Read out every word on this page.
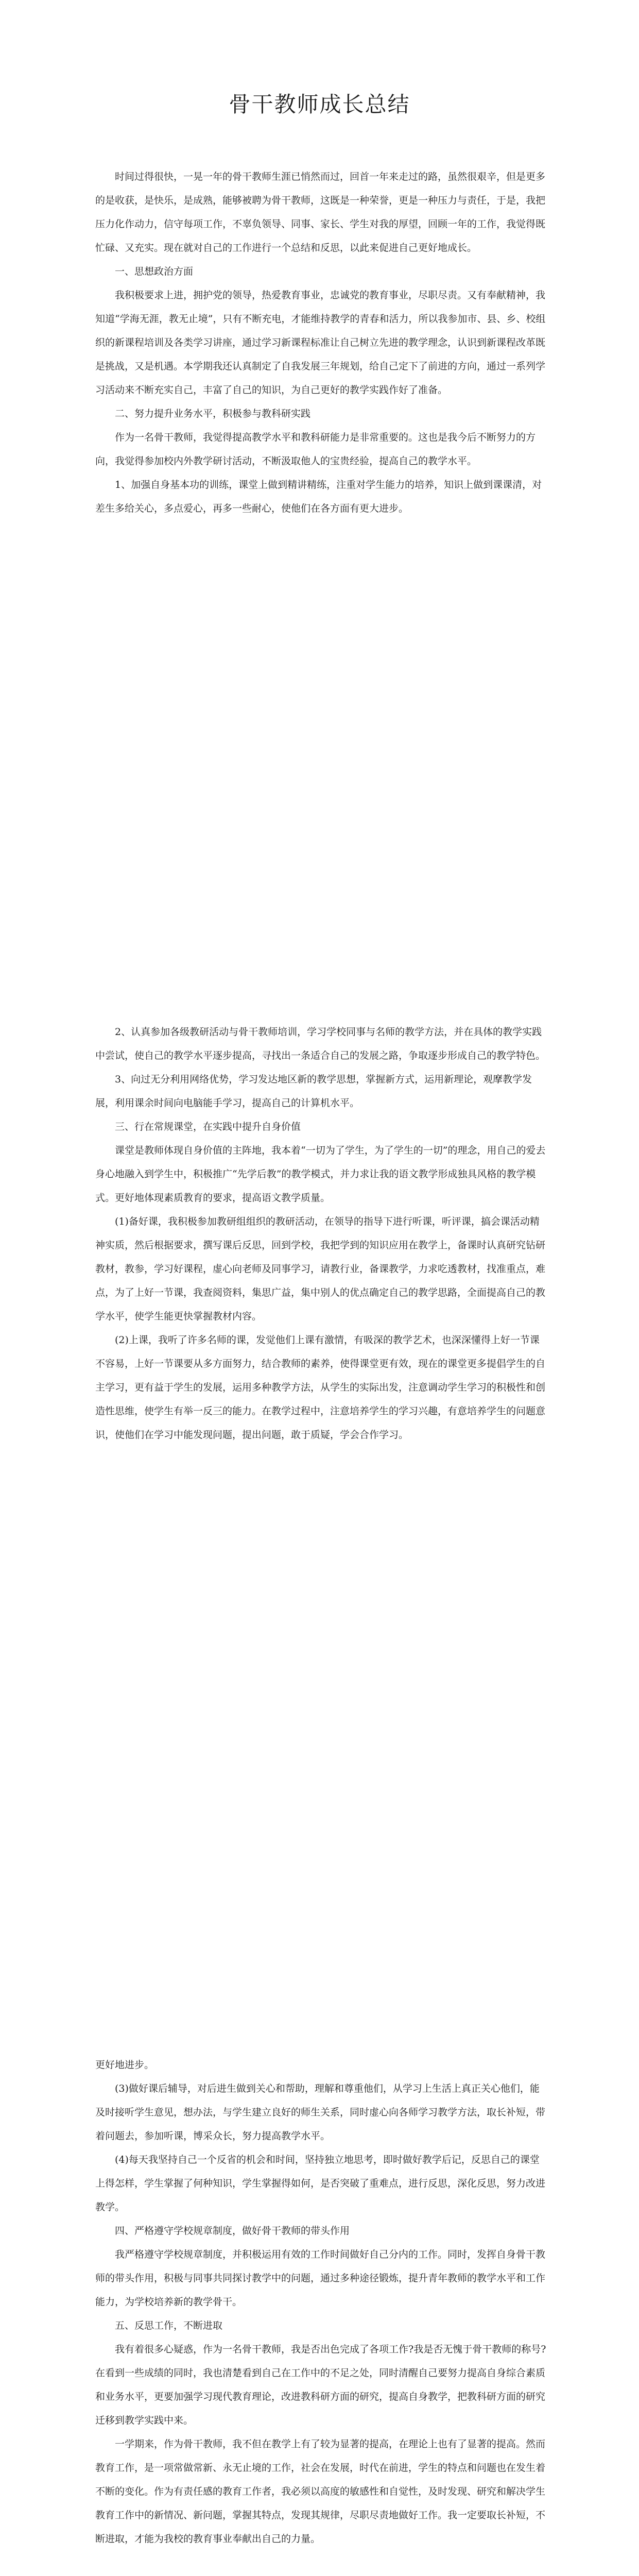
骨干教师成长总结

时间过得很快，一晃一年的骨干教师生涯已悄然而过，回首一年来走过的路，虽然很艰辛，但是更多的是收获，是快乐，是成熟，能够被聘为骨干教师，这既是一种荣誉，更是一种压力与责任，于是，我把压力化作动力，信守每项工作，不辜负领导、同事、家长、学生对我的厚望，回顾一年的工作，我觉得既忙碌、又充实。现在就对自己的工作进行一个总结和反思，以此来促进自己更好地成长。

一、思想政治方面

我积极要求上进，拥护党的领导，热爱教育事业，忠诚党的教育事业，尽职尽责。又有奉献精神，我知道“学海无涯，教无止境”，只有不断充电，才能维持教学的青春和活力，所以我参加市、县、乡、校组织的新课程培训及各类学习讲座，通过学习新课程标准让自己树立先进的教学理念，认识到新课程改革既是挑战，又是机遇。本学期我还认真制定了自我发展三年规划，给自己定下了前进的方向，通过一系列学习活动来不断充实自己，丰富了自己的知识，为自己更好的教学实践作好了准备。

二、努力提升业务水平，积极参与教科研实践

作为一名骨干教师，我觉得提高教学水平和教科研能力是非常重要的。这也是我今后不断努力的方向，我觉得参加校内外教学研讨活动，不断汲取他人的宝贵经验，提高自己的教学水平。

1、加强自身基本功的训练，课堂上做到精讲精练，注重对学生能力的培养，知识上做到课课清，对差生多给关心，多点爱心，再多一些耐心，使他们在各方面有更大进步。

2、认真参加各级教研活动与骨干教师培训，学习学校同事与名师的教学方法，并在具体的教学实践中尝试，使自己的教学水平逐步提高，寻找出一条适合自己的发展之路，争取逐步形成自己的教学特色。

3、向过无分利用网络优势，学习发达地区新的教学思想，掌握新方式，运用新理论，观摩教学发展，利用课余时间向电脑能手学习，提高自己的计算机水平。

三、行在常规课堂，在实践中提升自身价值

课堂是教师体现自身价值的主阵地，我本着“一切为了学生，为了学生的一切”的理念，用自己的爱去身心地融入到学生中，积极推广“先学后教”的教学模式，并力求让我的语文教学形成独具风格的教学模式。更好地体现素质教育的要求，提高语文教学质量。

(1)备好课，我积极参加教研组组织的教研活动，在领导的指导下进行听课，听评课，搞会课活动精神实质，然后根据要求，撰写课后反思，回到学校，我把学到的知识应用在教学上，备课时认真研究钻研教材，教参，学习好课程，虚心向老师及同事学习，请教行业，备课教学，力求吃透教材，找准重点，难点，为了上好一节课，我查阅资料，集思广益，集中别人的优点确定自己的教学思路，全面提高自己的教学水平，使学生能更快掌握教材内容。

(2)上课，我听了许多名师的课，发觉他们上课有激情，有吸深的教学艺术，也深深懂得上好一节课不容易，上好一节课要从多方面努力，结合教师的素养，使得课堂更有效，现在的课堂更多提倡学生的自主学习，更有益于学生的发展，运用多种教学方法，从学生的实际出发，注意调动学生学习的积极性和创造性思维，使学生有举一反三的能力。在教学过程中，注意培养学生的学习兴趣，有意培养学生的问题意识，使他们在学习中能发现问题，提出问题，敢于质疑，学会合作学习。

更好地进步。

(3)做好课后辅导，对后进生做到关心和帮助，理解和尊重他们，从学习上生活上真正关心他们，能及时接听学生意见，想办法，与学生建立良好的师生关系，同时虚心向各师学习教学方法，取长补短，带着问题去，参加听课，博采众长，努力提高教学水平。

(4)每天我坚持自己一个反省的机会和时间，坚持独立地思考，即时做好教学后记，反思自己的课堂上得怎样，学生掌握了何种知识，学生掌握得如何，是否突破了重难点，进行反思，深化反思，努力改进教学。

四、严格遵守学校规章制度，做好骨干教师的带头作用

我严格遵守学校规章制度，并积极运用有效的工作时间做好自己分内的工作。同时，发挥自身骨干教师的带头作用，积极与同事共同探讨教学中的问题，通过多种途径锻炼，提升青年教师的教学水平和工作能力，为学校培养新的教学骨干。

五、反思工作，不断进取

我有着很多心疑惑，作为一名骨干教师，我是否出色完成了各项工作?我是否无愧于骨干教师的称号?在看到一些成绩的同时，我也清楚看到自己在工作中的不足之处，同时清醒自己要努力提高自身综合素质和业务水平，更要加强学习现代教育理论，改进教科研方面的研究，提高自身教学，把教科研方面的研究迁移到教学实践中来。

一学期来，作为骨干教师，我不但在教学上有了较为显著的提高，在理论上也有了显著的提高。然而教育工作，是一项常做常新、永无止境的工作，社会在发展，时代在前进，学生的特点和问题也在发生着不断的变化。作为有责任感的教育工作者，我必须以高度的敏感性和自觉性，及时发现、研究和解决学生教育工作中的新情况、新问题，掌握其特点，发现其规律，尽职尽责地做好工作。我一定要取长补短，不断进取，才能为我校的教育事业奉献出自己的力量。
